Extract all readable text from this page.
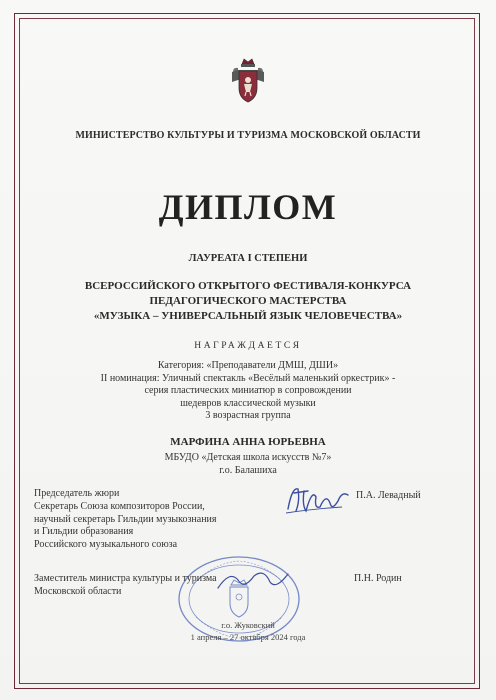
МИНИСТЕРСТВО КУЛЬТУРЫ И ТУРИЗМА МОСКОВСКОЙ ОБЛАСТИ
ДИПЛОМ
ЛАУРЕАТА I СТЕПЕНИ
ВСЕРОССИЙСКОГО ОТКРЫТОГО ФЕСТИВАЛЯ-КОНКУРСА
ПЕДАГОГИЧЕСКОГО МАСТЕРСТВА
«МУЗЫКА – УНИВЕРСАЛЬНЫЙ ЯЗЫК ЧЕЛОВЕЧЕСТВА»
НАГРАЖДАЕТСЯ
Категория: «Преподаватели ДМШ, ДШИ»
II номинация: Уличный спектакль «Весёлый маленький оркестрик» -
серия пластических миниатюр в сопровождении
шедевров классической музыки
3 возрастная группа
МАРФИНА АННА ЮРЬЕВНА
МБУДО «Детская школа искусств №7»
г.о. Балашиха
Председатель жюри
Секретарь Союза композиторов России,
научный секретарь Гильдии музыкознания
и Гильдии образования
Российского музыкального союза
П.А. Левадный
Заместитель министра культуры и туризма
Московской области
П.Н. Родин
г.о. Жуковский
1 апреля – 27 октября 2024 года
